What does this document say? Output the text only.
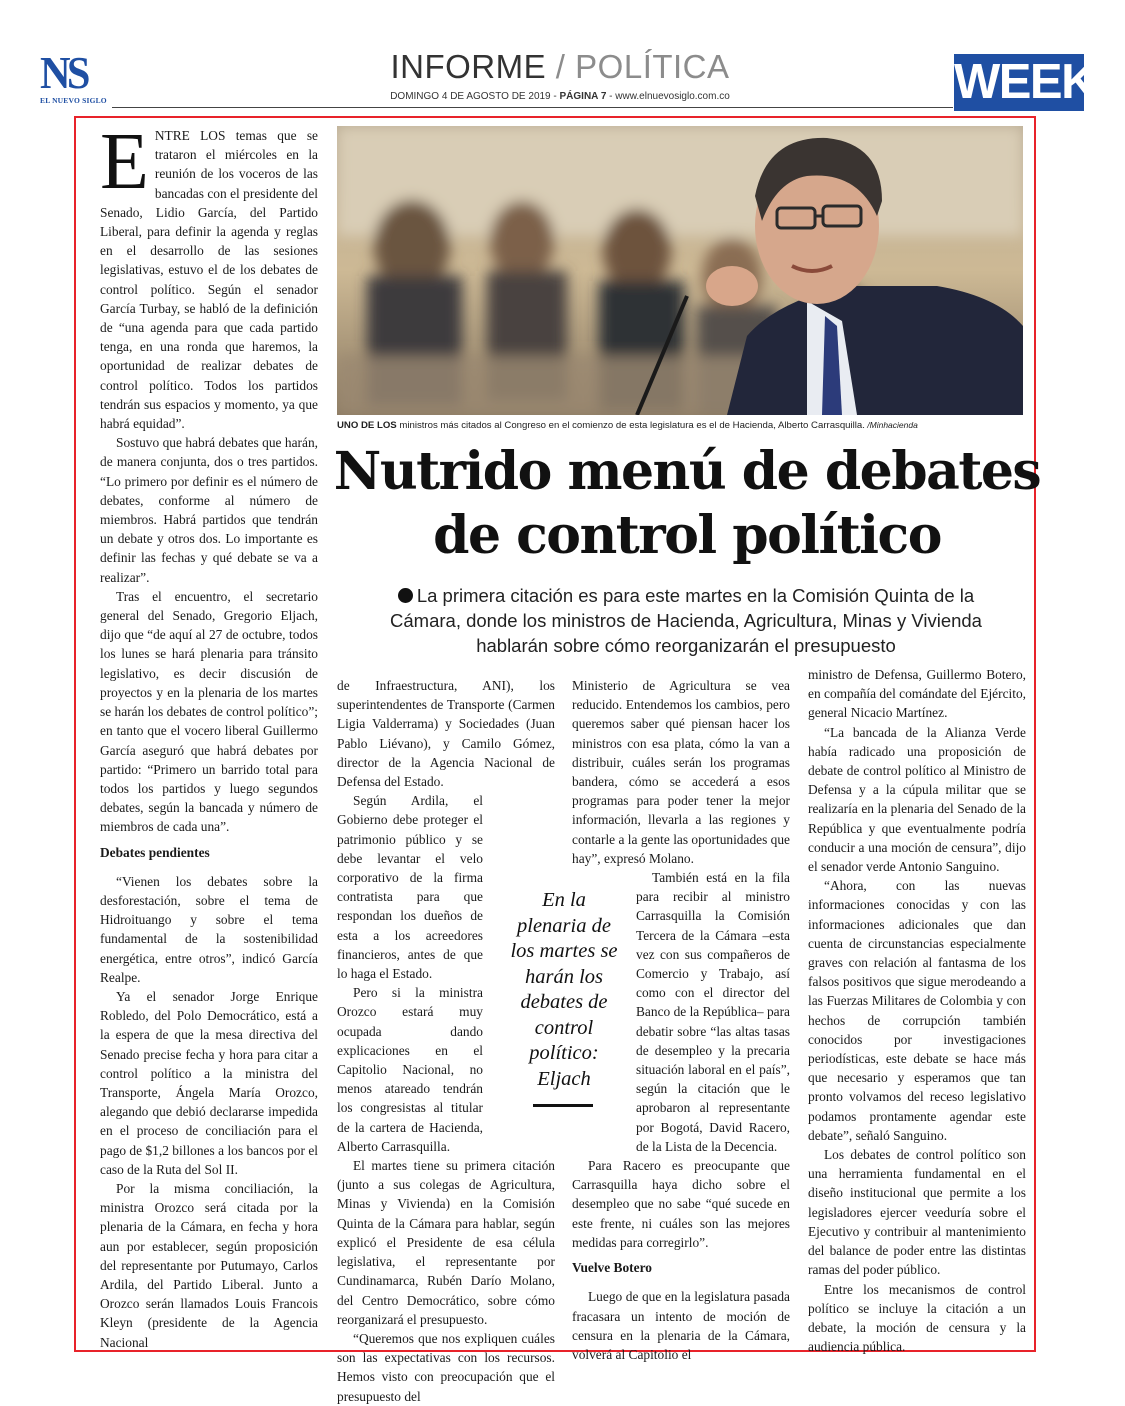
NS
EL NUEVO SIGLO
INFORME / POLÍTICA
DOMINGO 4 DE AGOSTO DE 2019 - PÁGINA 7 - www.elnuevosiglo.com.co	WEEK
UNO DE LOS ministros más citados al Congreso en el comienzo de esta legislatura es el de Hacienda, Alberto Carrasquilla. /Minhacienda
Nutrido menú de debates
de control político
La primera citación es para este martes en la Comisión Quinta de la Cámara, donde los ministros de Hacienda, Agricultura, Minas y Vivienda hablarán sobre cómo reorganizarán el presupuesto
E NTRE LOS temas que se trataron el miércoles en la reunión de los voceros de las bancadas con el presidente del Senado, Lidio García, del Partido Liberal, para definir la agenda y reglas en el desarrollo de las sesiones legislativas, estuvo el de los debates de control político. Según el senador García Turbay, se habló de la definición de “una agenda para que cada partido tenga, en una ronda que haremos, la oportunidad de realizar debates de control político. Todos los partidos tendrán sus espacios y momento, ya que habrá equidad”.

Sostuvo que habrá debates que harán, de manera conjunta, dos o tres partidos. “Lo primero por definir es el número de debates, conforme al número de miembros. Habrá partidos que tendrán un debate y otros dos. Lo importante es definir las fechas y qué debate se va a realizar”.

Tras el encuentro, el secretario general del Senado, Gregorio Eljach, dijo que “de aquí al 27 de octubre, todos los lunes se hará plenaria para tránsito legislativo, es decir discusión de proyectos y en la plenaria de los martes se harán los debates de control político”; en tanto que el vocero liberal Guillermo García aseguró que habrá debates por partido: “Primero un barrido total para todos los partidos y luego segundos debates, según la bancada y número de miembros de cada una”.

Debates pendientes

“Vienen los debates sobre la desforestación, sobre el tema de Hidroituango y sobre el tema fundamental de la sostenibilidad energética, entre otros”, indicó García Realpe.

Ya el senador Jorge Enrique Robledo, del Polo Democrático, está a la espera de que la mesa directiva del Senado precise fecha y hora para citar a control político a la ministra del Transporte, Ángela María Orozco, alegando que debió declararse impedida en el proceso de conciliación para el pago de $1,2 billones a los bancos por el caso de la Ruta del Sol II.

Por la misma conciliación, la ministra Orozco será citada por la plenaria de la Cámara, en fecha y hora aun por establecer, según proposición del representante por Putumayo, Carlos Ardila, del Partido Liberal. Junto a Orozco serán llamados Louis Francois Kleyn (presidente de la Agencia Nacional

de Infraestructura, ANI), los superintendentes de Transporte (Carmen Ligia Valderrama) y Sociedades (Juan Pablo Liévano), y Camilo Gómez, director de la Agencia Nacional de Defensa del Estado.

Según Ardila, el Gobierno debe proteger el patrimonio público y se debe levantar el velo corporativo de la firma contratista para que respondan los dueños de esta a los acreedores financieros, antes de que lo haga el Estado.

Pero si la ministra Orozco estará muy ocupada dando explicaciones en el Capitolio Nacional, no menos atareado tendrán los congresistas al titular de la cartera de Hacienda, Alberto Carrasquilla.

El martes tiene su primera citación (junto a sus colegas de Agricultura, Minas y Vivienda) en la Comisión Quinta de la Cámara para hablar, según explicó el Presidente de esa célula legislativa, el representante por Cundinamarca, Rubén Darío Molano, del Centro Democrático, sobre cómo reorganizará el presupuesto.

“Queremos que nos expliquen cuáles son las expectativas con los recursos. Hemos visto con preocupación que el presupuesto del

Ministerio de Agricultura se vea reducido. Entendemos los cambios, pero queremos saber qué piensan hacer los ministros con esa plata, cómo la van a distribuir, cuáles serán los programas bandera, cómo se accederá a esos programas para poder tener la mejor información, llevarla a las regiones y contarle a la gente las oportunidades que hay”, expresó Molano.

También está en la fila para recibir al ministro Carrasquilla la Comisión Tercera de la Cámara –esta vez con sus compañeros de Comercio y Trabajo, así como con el director del Banco de la República– para debatir sobre “las altas tasas de desempleo y la precaria situación laboral en el país”, según la citación que le aprobaron al representante por Bogotá, David Racero, de la Lista de la Decencia.

Para Racero es preocupante que Carrasquilla haya dicho sobre el desempleo que no sabe “qué sucede en este frente, ni cuáles son las mejores medidas para corregirlo”.

Vuelve Botero

Luego de que en la legislatura pasada fracasara un intento de moción de censura en la plenaria de la Cámara, volverá al Capitolio el

ministro de Defensa, Guillermo Botero, en compañía del comándate del Ejército, general Nicacio Martínez.

“La bancada de la Alianza Verde había radicado una proposición de debate de control político al Ministro de Defensa y a la cúpula militar que se realizaría en la plenaria del Senado de la República y que eventualmente podría conducir a una moción de censura”, dijo el senador verde Antonio Sanguino.

“Ahora, con las nuevas informaciones conocidas y con las informaciones adicionales que dan cuenta de circunstancias especialmente graves con relación al fantasma de los falsos positivos que sigue merodeando a las Fuerzas Militares de Colombia y con hechos de corrupción también conocidos por investigaciones periodísticas, este debate se hace más que necesario y esperamos que tan pronto volvamos del receso legislativo podamos prontamente agendar este debate”, señaló Sanguino.

Los debates de control político son una herramienta fundamental en el diseño institucional que permite a los legisladores ejercer veeduría sobre el Ejecutivo y contribuir al mantenimiento del balance de poder entre las distintas ramas del poder público.

Entre los mecanismos de control político se incluye la citación a un debate, la moción de censura y la audiencia pública.

En la plenaria de los martes se harán los debates de control político: Eljach
